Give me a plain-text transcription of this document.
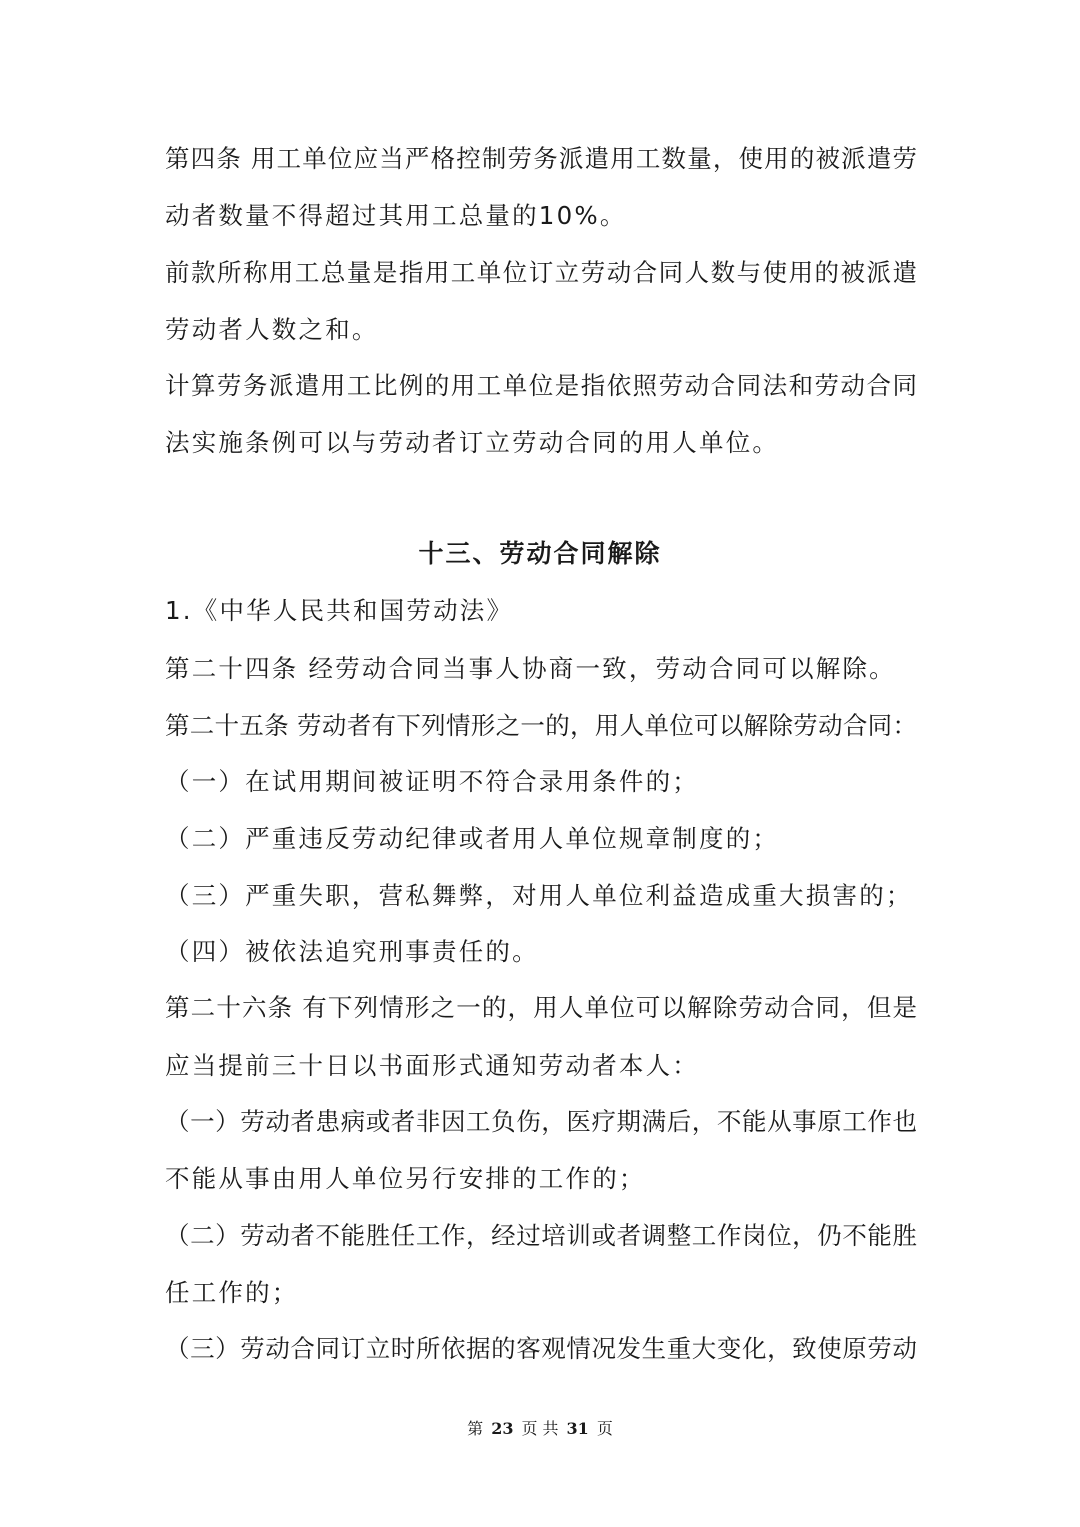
第四条 用工单位应当严格控制劳务派遣用工数量，使用的被派遣劳

动者数量不得超过其用工总量的10%。

前款所称用工总量是指用工单位订立劳动合同人数与使用的被派遣

劳动者人数之和。

计算劳务派遣用工比例的用工单位是指依照劳动合同法和劳动合同

法实施条例可以与劳动者订立劳动合同的用人单位。

十三、劳动合同解除

1.《中华人民共和国劳动法》

第二十四条 经劳动合同当事人协商一致，劳动合同可以解除。

第二十五条 劳动者有下列情形之一的，用人单位可以解除劳动合同：

（一）在试用期间被证明不符合录用条件的；

（二）严重违反劳动纪律或者用人单位规章制度的；

（三）严重失职，营私舞弊，对用人单位利益造成重大损害的；

（四）被依法追究刑事责任的。

第二十六条 有下列情形之一的，用人单位可以解除劳动合同，但是

应当提前三十日以书面形式通知劳动者本人：

（一）劳动者患病或者非因工负伤，医疗期满后，不能从事原工作也

不能从事由用人单位另行安排的工作的；

（二）劳动者不能胜任工作，经过培训或者调整工作岗位，仍不能胜

任工作的；

（三）劳动合同订立时所依据的客观情况发生重大变化，致使原劳动

第 23 页 共 31 页
